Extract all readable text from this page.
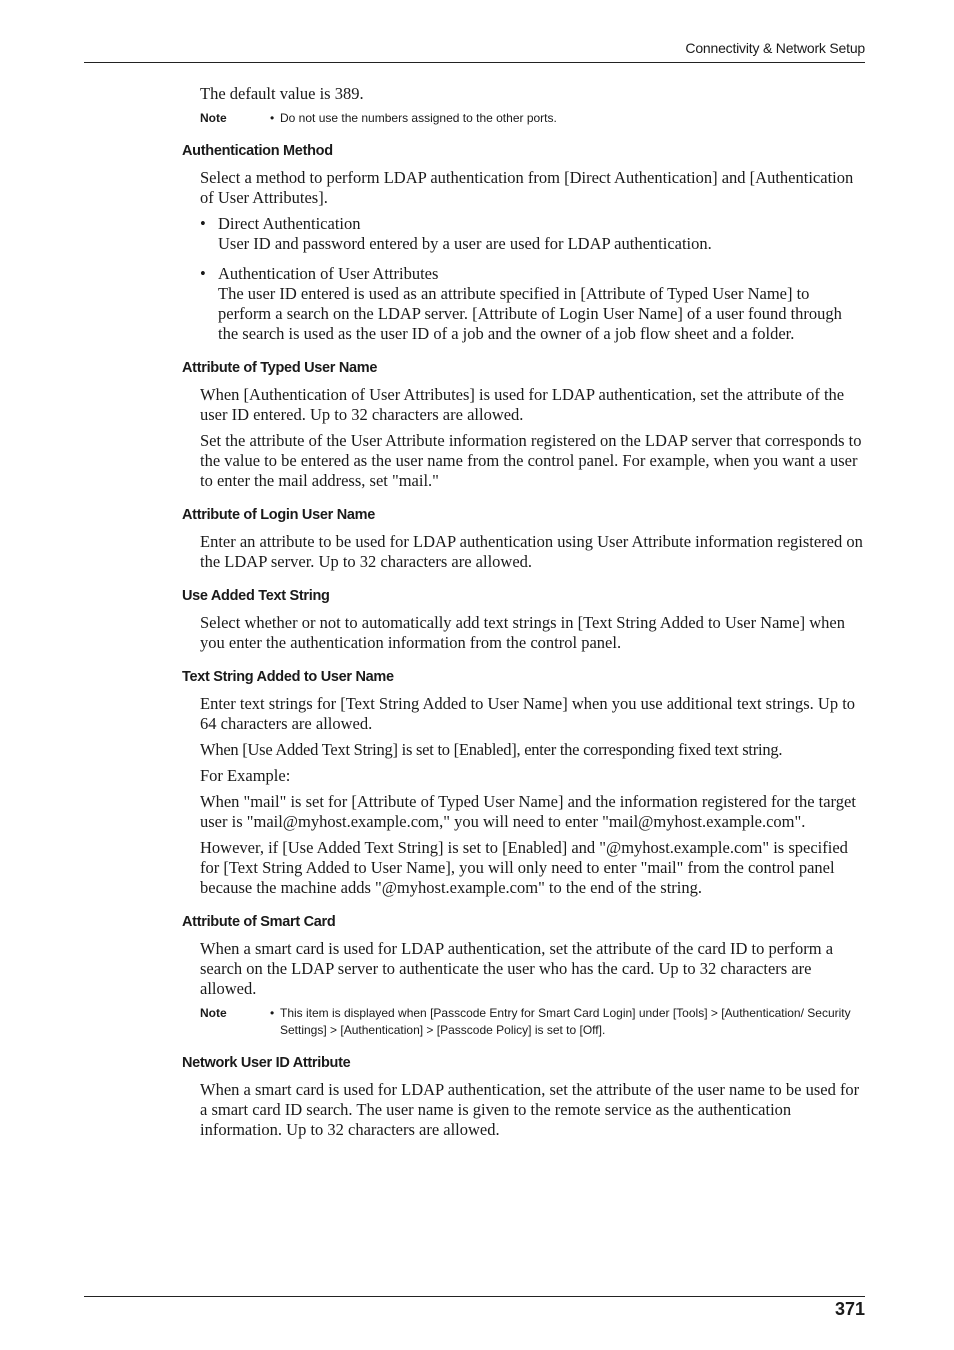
Connectivity & Network Setup

The default value is 389.

Note	• Do not use the numbers assigned to the other ports.
Authentication Method

Select a method to perform LDAP authentication from [Direct Authentication] and [Authentication of User Attributes].

• Direct Authentication
User ID and password entered by a user are used for LDAP authentication.
• Authentication of User Attributes
The user ID entered is used as an attribute specified in [Attribute of Typed User Name] to perform a search on the LDAP server. [Attribute of Login User Name] of a user found through the search is used as the user ID of a job and the owner of a job flow sheet and a folder.
Attribute of Typed User Name

When [Authentication of User Attributes] is used for LDAP authentication, set the attribute of the user ID entered. Up to 32 characters are allowed.

Set the attribute of the User Attribute information registered on the LDAP server that corresponds to the value to be entered as the user name from the control panel. For example, when you want a user to enter the mail address, set "mail."

Attribute of Login User Name

Enter an attribute to be used for LDAP authentication using User Attribute information registered on the LDAP server. Up to 32 characters are allowed.

Use Added Text String

Select whether or not to automatically add text strings in [Text String Added to User Name] when you enter the authentication information from the control panel.

Text String Added to User Name

Enter text strings for [Text String Added to User Name] when you use additional text strings. Up to 64 characters are allowed.

When [Use Added Text String] is set to [Enabled], enter the corresponding fixed text string.

For Example:

When "mail" is set for [Attribute of Typed User Name] and the information registered for the target user is "mail@myhost.example.com," you will need to enter "mail@myhost.example.com".

However, if [Use Added Text String] is set to [Enabled] and "@myhost.example.com" is specified for [Text String Added to User Name], you will only need to enter "mail" from the control panel because the machine adds "@myhost.example.com" to the end of the string.

Attribute of Smart Card

When a smart card is used for LDAP authentication, set the attribute of the card ID to perform a search on the LDAP server to authenticate the user who has the card. Up to 32 characters are allowed.

Note	• This item is displayed when [Passcode Entry for Smart Card Login] under [Tools] > [Authentication/ Security Settings] > [Authentication] > [Passcode Policy] is set to [Off].
Network User ID Attribute

When a smart card is used for LDAP authentication, set the attribute of the user name to be used for a smart card ID search. The user name is given to the remote service as the authentication information. Up to 32 characters are allowed.

371
